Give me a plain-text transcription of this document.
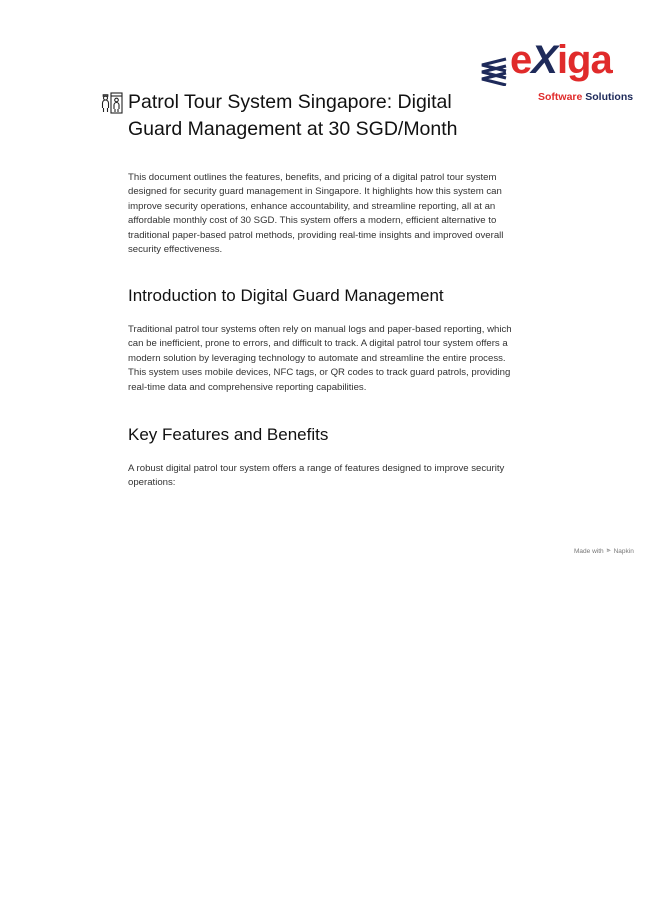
eXiga
Software Solutions
Patrol Tour System Singapore: Digital Guard Management at 30 SGD/Month

This document outlines the features, benefits, and pricing of a digital patrol tour system designed for security guard management in Singapore. It highlights how this system can improve security operations, enhance accountability, and streamline reporting, all at an affordable monthly cost of 30 SGD. This system offers a modern, efficient alternative to traditional paper-based patrol methods, providing real-time insights and improved overall security effectiveness.

Introduction to Digital Guard Management

Traditional patrol tour systems often rely on manual logs and paper-based reporting, which can be inefficient, prone to errors, and difficult to track. A digital patrol tour system offers a modern solution by leveraging technology to automate and streamline the entire process. This system uses mobile devices, NFC tags, or QR codes to track guard patrols, providing real-time data and comprehensive reporting capabilities.

Key Features and Benefits

A robust digital patrol tour system offers a range of features designed to improve security operations:

Made with ⫸ Napkin
